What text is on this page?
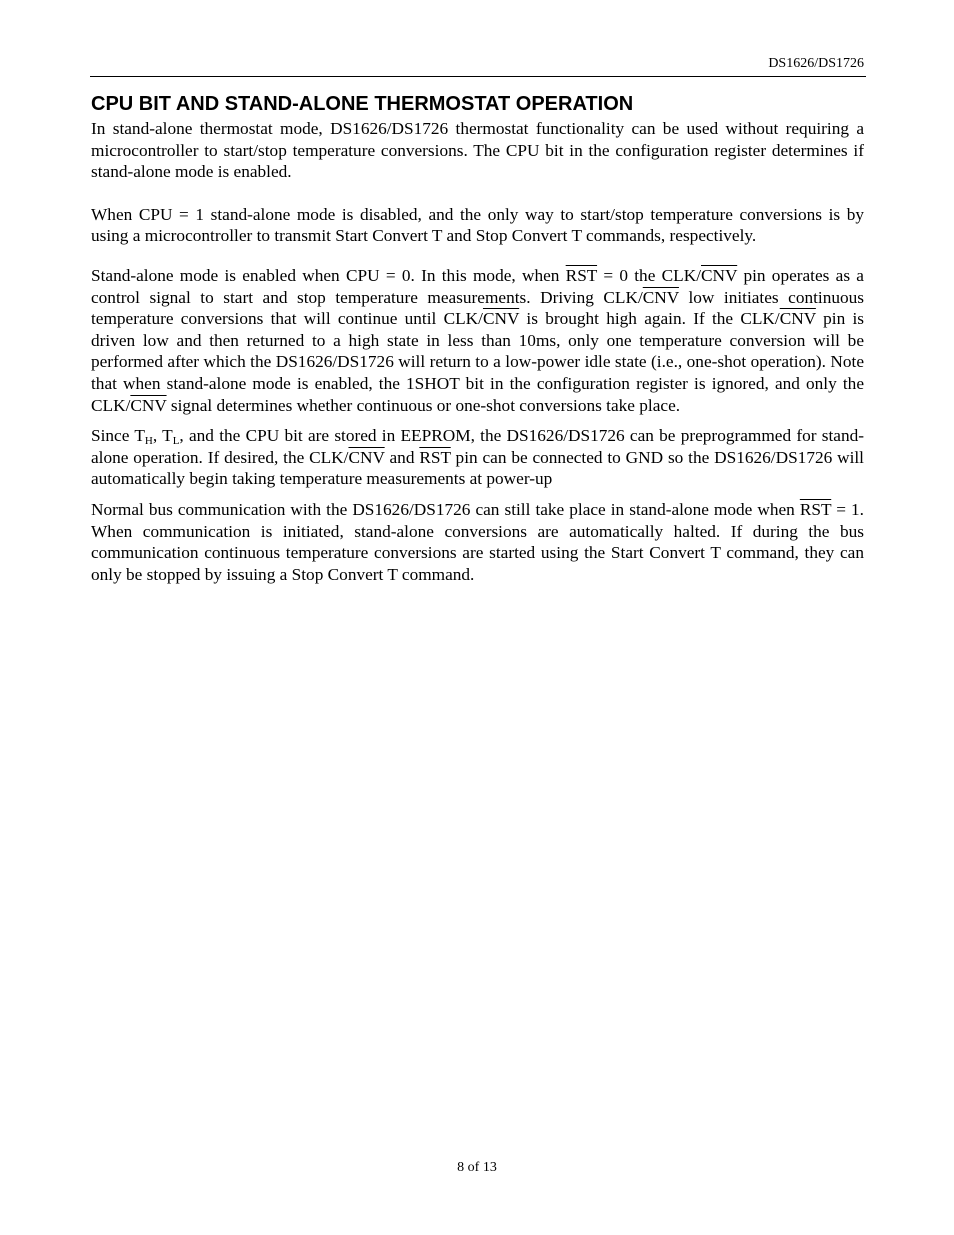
DS1626/DS1726
CPU BIT AND STAND-ALONE THERMOSTAT OPERATION

In stand-alone thermostat mode, DS1626/DS1726 thermostat functionality can be used without requiring a microcontroller to start/stop temperature conversions. The CPU bit in the configuration register determines if stand-alone mode is enabled.

When CPU = 1 stand-alone mode is disabled, and the only way to start/stop temperature conversions is by using a microcontroller to transmit Start Convert T and Stop Convert T commands, respectively.

Stand-alone mode is enabled when CPU = 0. In this mode, when $\overline{RST} = 0$ the CLK/$\overline{CNV}$ pin operates as a control signal to start and stop temperature measurements. Driving CLK/$\overline{CNV}$ low initiates continuous temperature conversions that will continue until CLK/$\overline{CNV}$ is brought high again. If the CLK/$\overline{CNV}$ pin is driven low and then returned to a high state in less than 10ms, only one temperature conversion will be performed after which the DS1626/DS1726 will return to a low-power idle state (i.e., one-shot operation). Note that when stand-alone mode is enabled, the 1SHOT bit in the configuration register is ignored, and only the CLK/$\overline{CNV}$ signal determines whether continuous or one-shot conversions take place.

Since $T_H$, $T_L$, and the CPU bit are stored in EEPROM, the DS1626/DS1726 can be preprogrammed for stand-alone operation. If desired, the CLK/$\overline{CNV}$ and $\overline{RST}$ pin can be connected to GND so the DS1626/DS1726 will automatically begin taking temperature measurements at power-up

Normal bus communication with the DS1626/DS1726 can still take place in stand-alone mode when $\overline{RST} = 1$. When communication is initiated, stand-alone conversions are automatically halted. If during the bus communication continuous temperature conversions are started using the Start Convert T command, they can only be stopped by issuing a Stop Convert T command.

8 of 13
